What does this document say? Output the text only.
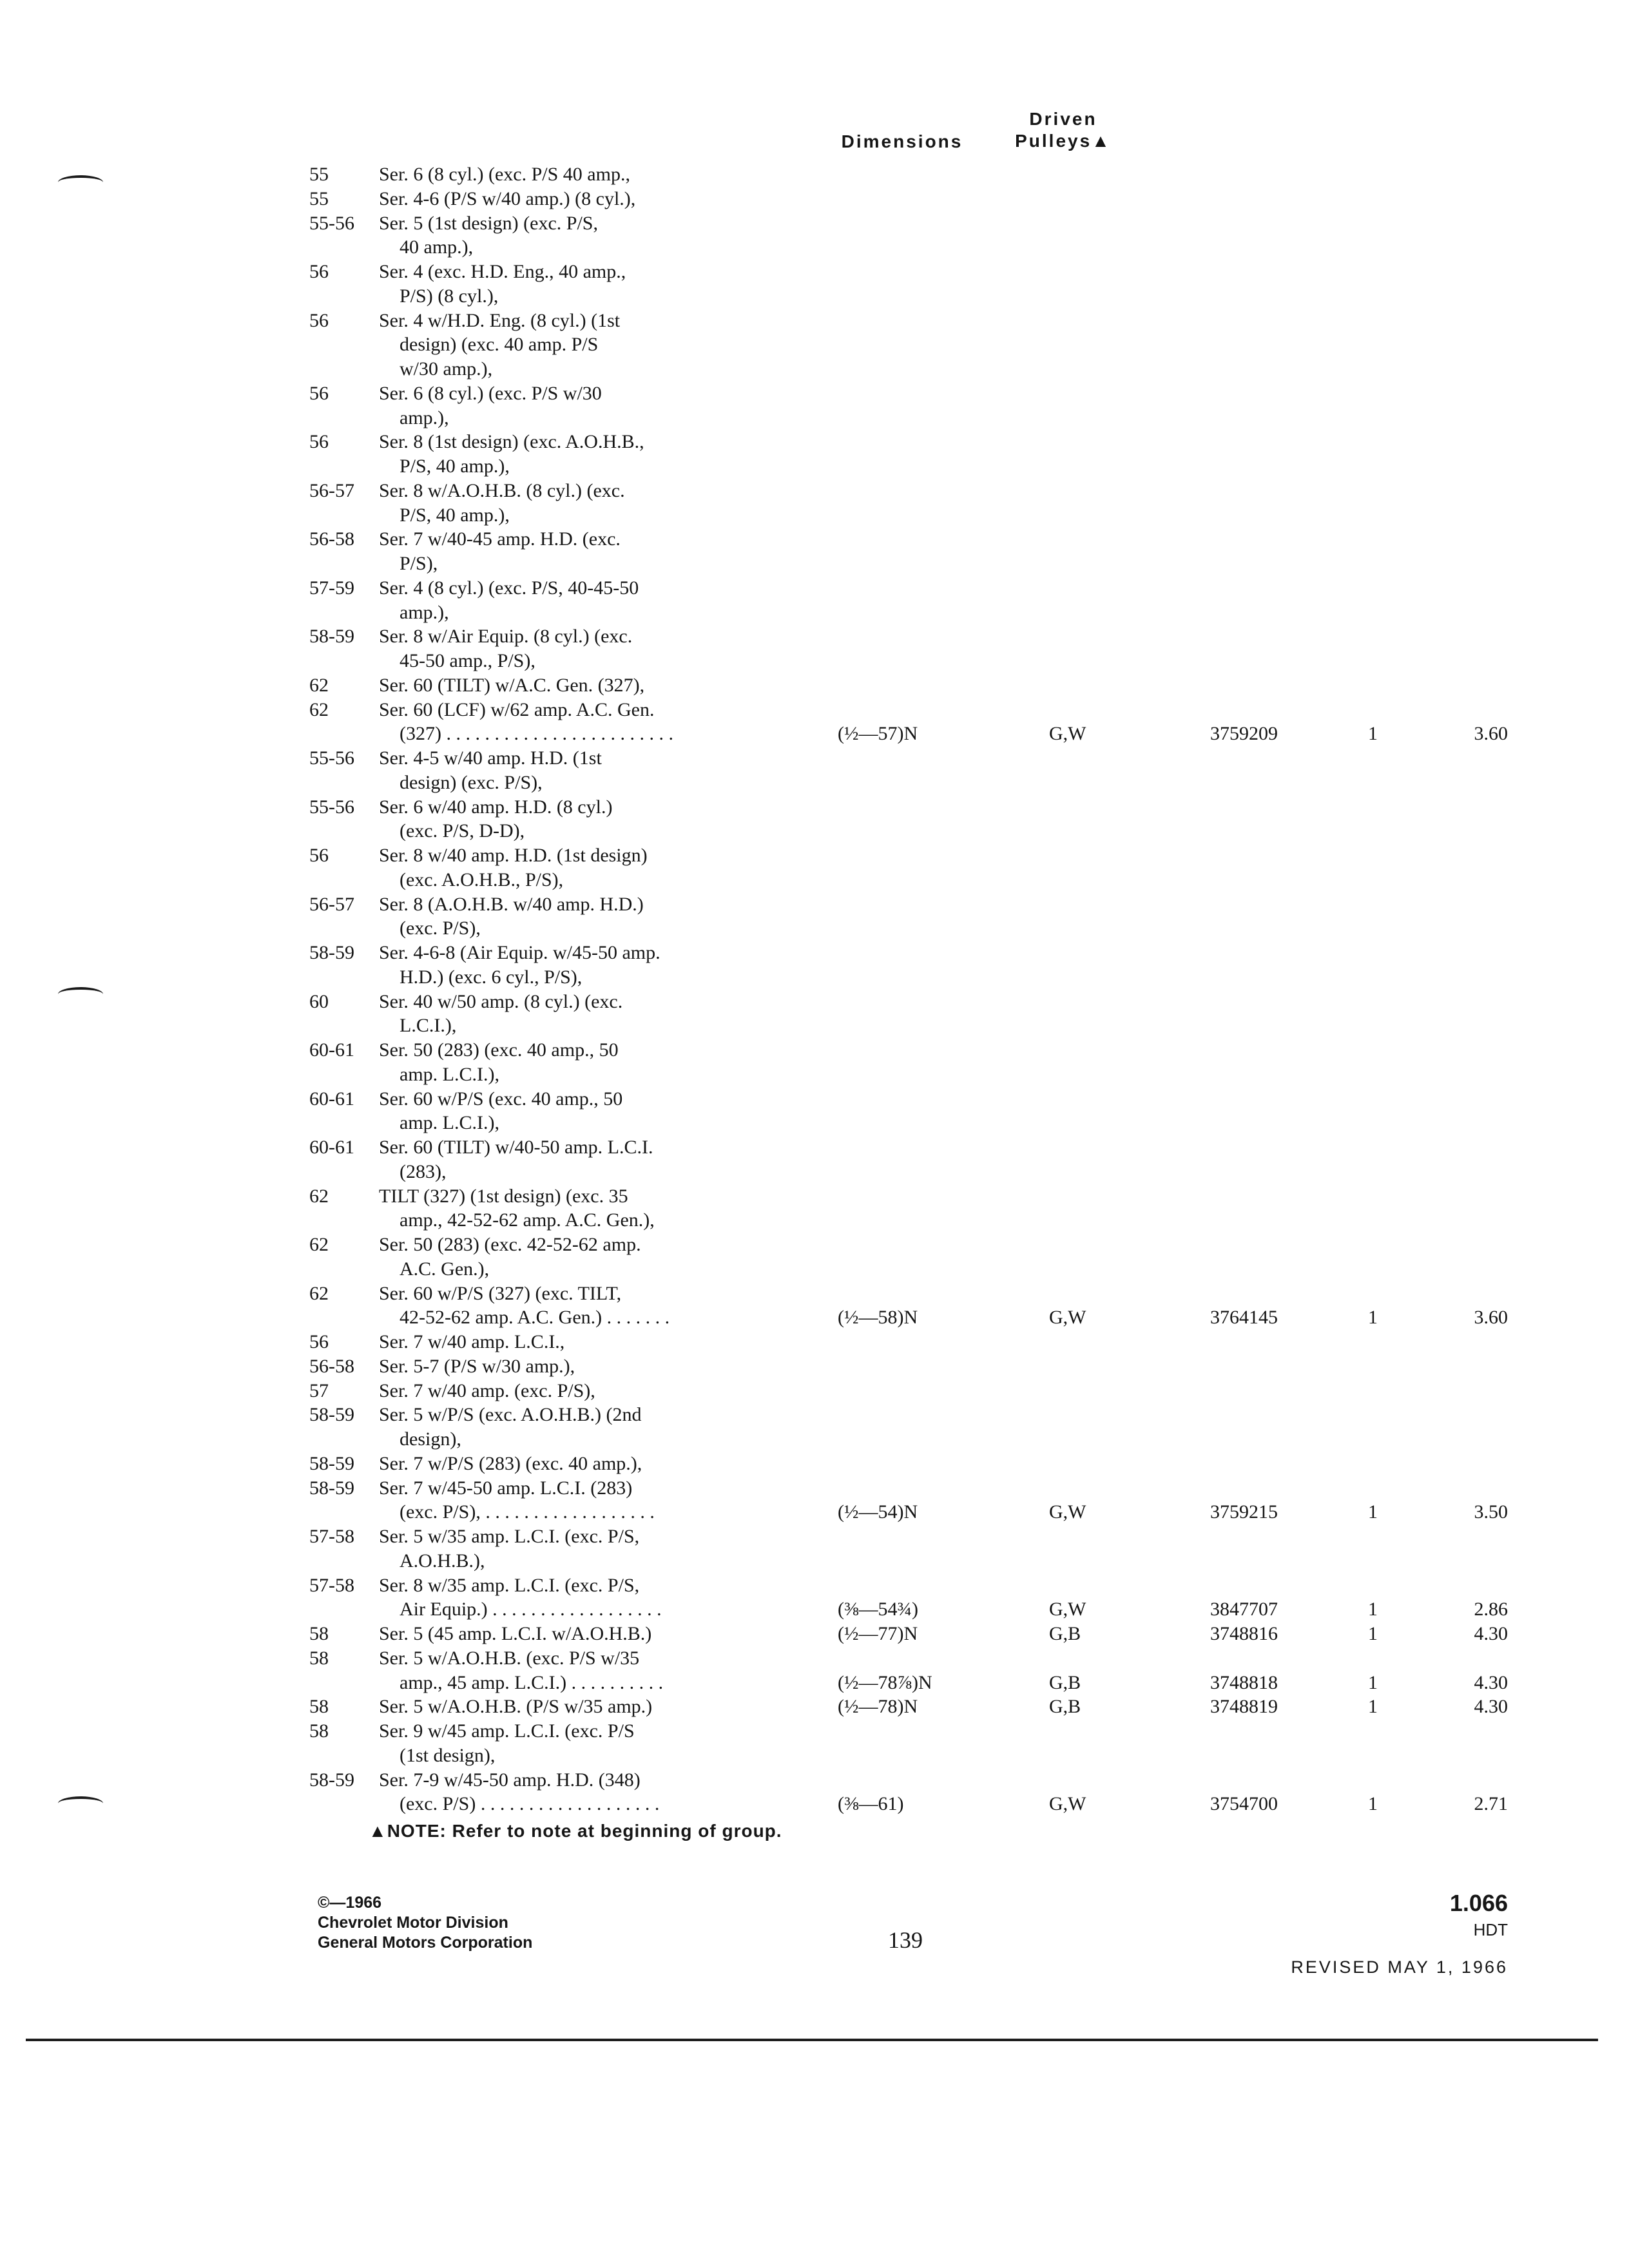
Dimensions
Driven
Pulleys▲
55	Ser. 6 (8 cyl.) (exc. P/S 40 amp.,
55	Ser. 4-6 (P/S w/40 amp.) (8 cyl.),
55-56 Ser. 5 (1st design) (exc. P/S,
40 amp.),
56	Ser. 4 (exc. H.D. Eng., 40 amp.,
P/S) (8 cyl.),
56	Ser. 4 w/H.D. Eng. (8 cyl.) (1st
design) (exc. 40 amp. P/S
w/30 amp.),
56	Ser. 6 (8 cyl.) (exc. P/S w/30
amp.),
56	Ser. 8 (1st design) (exc. A.O.H.B.,
P/S, 40 amp.),
56-57 Ser. 8 w/A.O.H.B. (8 cyl.) (exc.
P/S, 40 amp.),
56-58 Ser. 7 w/40-45 amp. H.D. (exc.
P/S),
57-59 Ser. 4 (8 cyl.) (exc. P/S, 40-45-50
amp.),
58-59 Ser. 8 w/Air Equip. (8 cyl.) (exc.
45-50 amp., P/S),
62	Ser. 60 (TILT) w/A.C. Gen. (327),
62	Ser. 60 (LCF) w/62 amp. A.C. Gen.
(327) . . . . . . . . . . . . . . . . . . . . . . . .	(½—57)N	G,W	3759209	1	3.60
55-56 Ser. 4-5 w/40 amp. H.D. (1st
design) (exc. P/S),
55-56 Ser. 6 w/40 amp. H.D. (8 cyl.)
(exc. P/S, D-D),
56	Ser. 8 w/40 amp. H.D. (1st design)
(exc. A.O.H.B., P/S),
56-57 Ser. 8 (A.O.H.B. w/40 amp. H.D.)
(exc. P/S),
58-59 Ser. 4-6-8 (Air Equip. w/45-50 amp.
H.D.) (exc. 6 cyl., P/S),
60	Ser. 40 w/50 amp. (8 cyl.) (exc.
L.C.I.),
60-61 Ser. 50 (283) (exc. 40 amp., 50
amp. L.C.I.),
60-61 Ser. 60 w/P/S (exc. 40 amp., 50
amp. L.C.I.),
60-61 Ser. 60 (TILT) w/40-50 amp. L.C.I.
(283),
62	TILT (327) (1st design) (exc. 35
amp., 42-52-62 amp. A.C. Gen.),
62	Ser. 50 (283) (exc. 42-52-62 amp.
A.C. Gen.),
62	Ser. 60 w/P/S (327) (exc. TILT,
42-52-62 amp. A.C. Gen.) . . . . . . .	(½—58)N	G,W	3764145	1	3.60
56	Ser. 7 w/40 amp. L.C.I.,
56-58 Ser. 5-7 (P/S w/30 amp.),
57	Ser. 7 w/40 amp. (exc. P/S),
58-59 Ser. 5 w/P/S (exc. A.O.H.B.) (2nd
design),
58-59 Ser. 7 w/P/S (283) (exc. 40 amp.),
58-59 Ser. 7 w/45-50 amp. L.C.I. (283)
(exc. P/S), . . . . . . . . . . . . . . . . . .	(½—54)N	G,W	3759215	1	3.50
57-58 Ser. 5 w/35 amp. L.C.I. (exc. P/S,
A.O.H.B.),
57-58 Ser. 8 w/35 amp. L.C.I. (exc. P/S,
Air Equip.) . . . . . . . . . . . . . . . . . .	(⅜—54¾)	G,W	3847707	1	2.86
58	Ser. 5 (45 amp. L.C.I. w/A.O.H.B.)	(½—77)N	G,B	3748816	1	4.30
58	Ser. 5 w/A.O.H.B. (exc. P/S w/35
amp., 45 amp. L.C.I.) . . . . . . . . . .	(½—78⅞)N	G,B	3748818	1	4.30
58	Ser. 5 w/A.O.H.B. (P/S w/35 amp.)	(½—78)N	G,B	3748819	1	4.30
58	Ser. 9 w/45 amp. L.C.I. (exc. P/S
(1st design),
58-59 Ser. 7-9 w/45-50 amp. H.D. (348)
(exc. P/S) . . . . . . . . . . . . . . . . . . .	(⅜—61)	G,W	3754700	1	2.71

▲NOTE: Refer to note at beginning of group.

©—1966
Chevrolet Motor Division
General Motors Corporation	139

1.066

HDT

REVISED MAY 1, 1966
